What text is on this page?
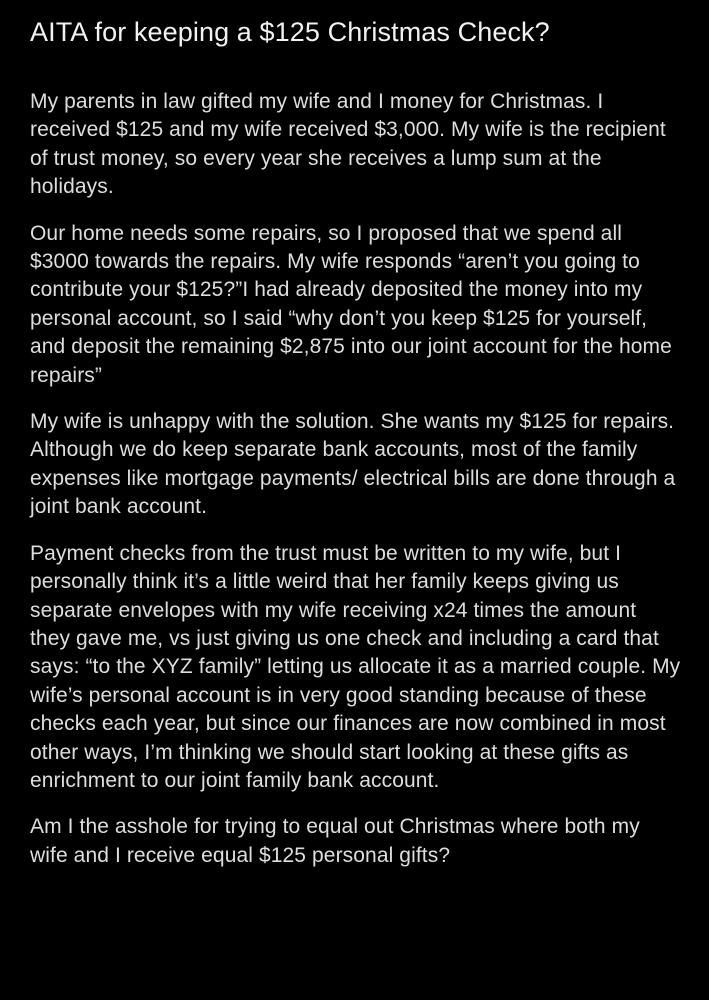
AITA for keeping a $125 Christmas Check?

My parents in law gifted my wife and I money for Christmas. I received $125 and my wife received $3,000. My wife is the recipient of trust money, so every year she receives a lump sum at the holidays.

Our home needs some repairs, so I proposed that we spend all $3000 towards the repairs. My wife responds “aren’t you going to contribute your $125?”I had already deposited the money into my personal account, so I said “why don’t you keep $125 for yourself, and deposit the remaining $2,875 into our joint account for the home repairs”

My wife is unhappy with the solution. She wants my $125 for repairs. Although we do keep separate bank accounts, most of the family expenses like mortgage payments/ electrical bills are done through a joint bank account.

Payment checks from the trust must be written to my wife, but I personally think it’s a little weird that her family keeps giving us separate envelopes with my wife receiving x24 times the amount they gave me, vs just giving us one check and including a card that says: “to the XYZ family” letting us allocate it as a married couple. My wife’s personal account is in very good standing because of these checks each year, but since our finances are now combined in most other ways, I’m thinking we should start looking at these gifts as enrichment to our joint family bank account.

Am I the asshole for trying to equal out Christmas where both my wife and I receive equal $125 personal gifts?
